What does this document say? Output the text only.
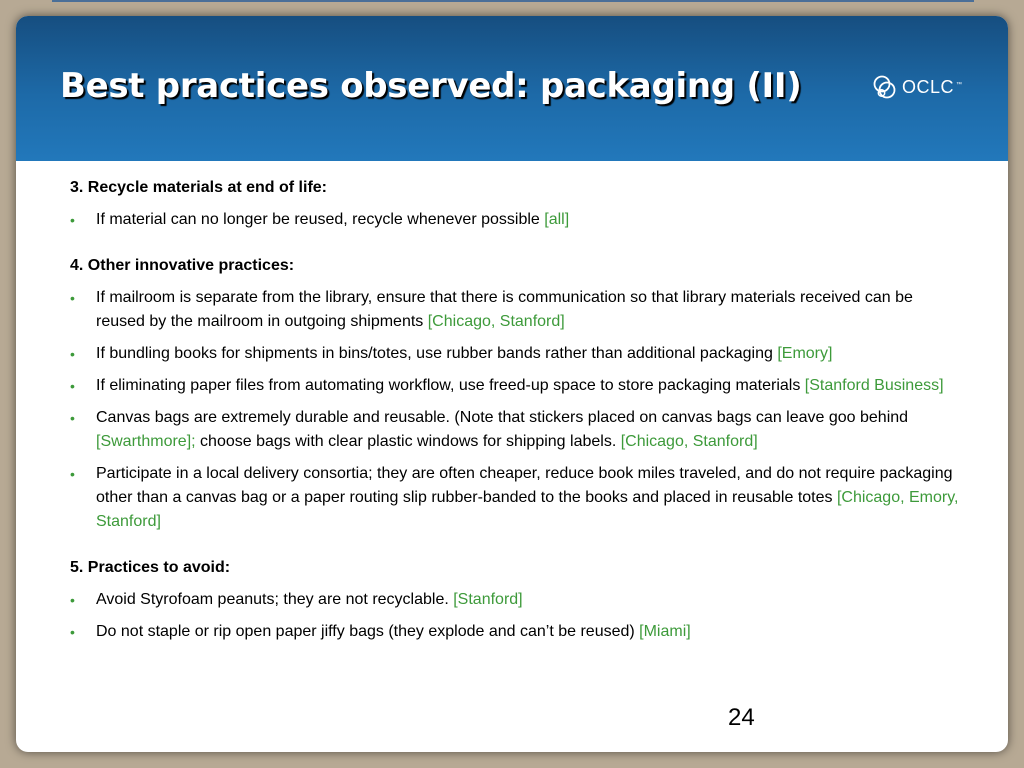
Best practices observed: packaging (II)	OCLC ™

3. Recycle materials at end of life:

• If material can no longer be reused, recycle whenever possible [all]

4. Other innovative practices:

• If mailroom is separate from the library, ensure that there is communication so that library materials received can be reused by the mailroom in outgoing shipments [Chicago, Stanford]
• If bundling books for shipments in bins/totes, use rubber bands rather than additional packaging [Emory]
• If eliminating paper files from automating workflow, use freed-up space to store packaging materials [Stanford Business]
• Canvas bags are extremely durable and reusable. (Note that stickers placed on canvas bags can leave goo behind [Swarthmore]; choose bags with clear plastic windows for shipping labels. [Chicago, Stanford]
• Participate in a local delivery consortia; they are often cheaper, reduce book miles traveled, and do not require packaging other than a canvas bag or a paper routing slip rubber-banded to the books and placed in reusable totes [Chicago, Emory, Stanford]

5. Practices to avoid:

• Avoid Styrofoam peanuts; they are not recyclable. [Stanford]
• Do not staple or rip open paper jiffy bags (they explode and can’t be reused) [Miami]
24
